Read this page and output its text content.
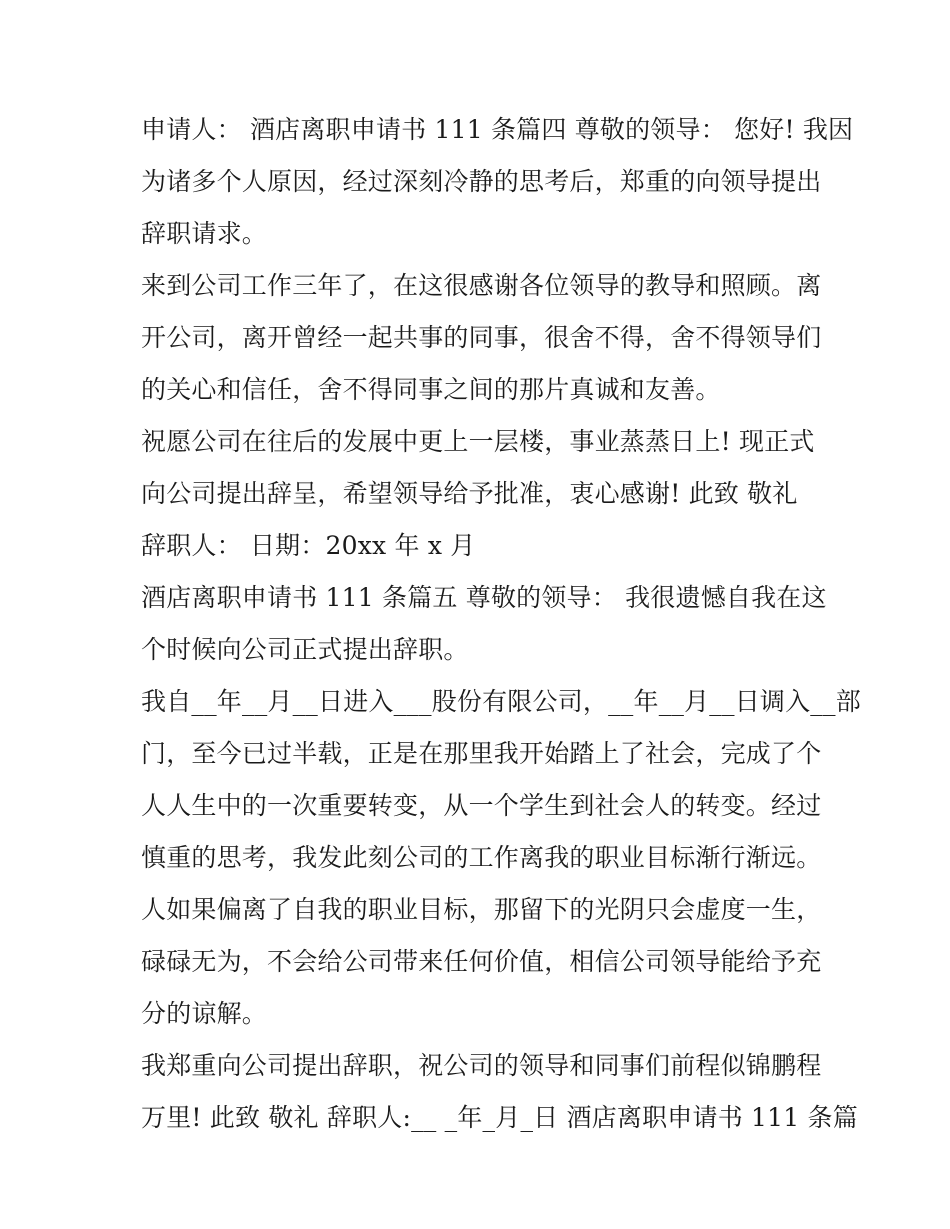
申请人： 酒店离职申请书 111 条篇四 尊敬的领导： 您好! 我因
为诸多个人原因，经过深刻冷静的思考后，郑重的向领导提出
辞职请求。
来到公司工作三年了，在这很感谢各位领导的教导和照顾。离
开公司，离开曾经一起共事的同事，很舍不得，舍不得领导们
的关心和信任，舍不得同事之间的那片真诚和友善。
祝愿公司在往后的发展中更上一层楼，事业蒸蒸日上! 现正式
向公司提出辞呈，希望领导给予批准，衷心感谢! 此致 敬礼
辞职人： 日期：20xx 年 x 月
酒店离职申请书 111 条篇五 尊敬的领导： 我很遗憾自我在这
个时候向公司正式提出辞职。
我自__年__月__日进入___股份有限公司，__年__月__日调入__部
门，至今已过半载，正是在那里我开始踏上了社会，完成了个
人人生中的一次重要转变，从一个学生到社会人的转变。经过
慎重的思考，我发此刻公司的工作离我的职业目标渐行渐远。
人如果偏离了自我的职业目标，那留下的光阴只会虚度一生，
碌碌无为，不会给公司带来任何价值，相信公司领导能给予充
分的谅解。
我郑重向公司提出辞职，祝公司的领导和同事们前程似锦鹏程
万里! 此致 敬礼 辞职人:__ _年_月_日 酒店离职申请书 111 条篇
